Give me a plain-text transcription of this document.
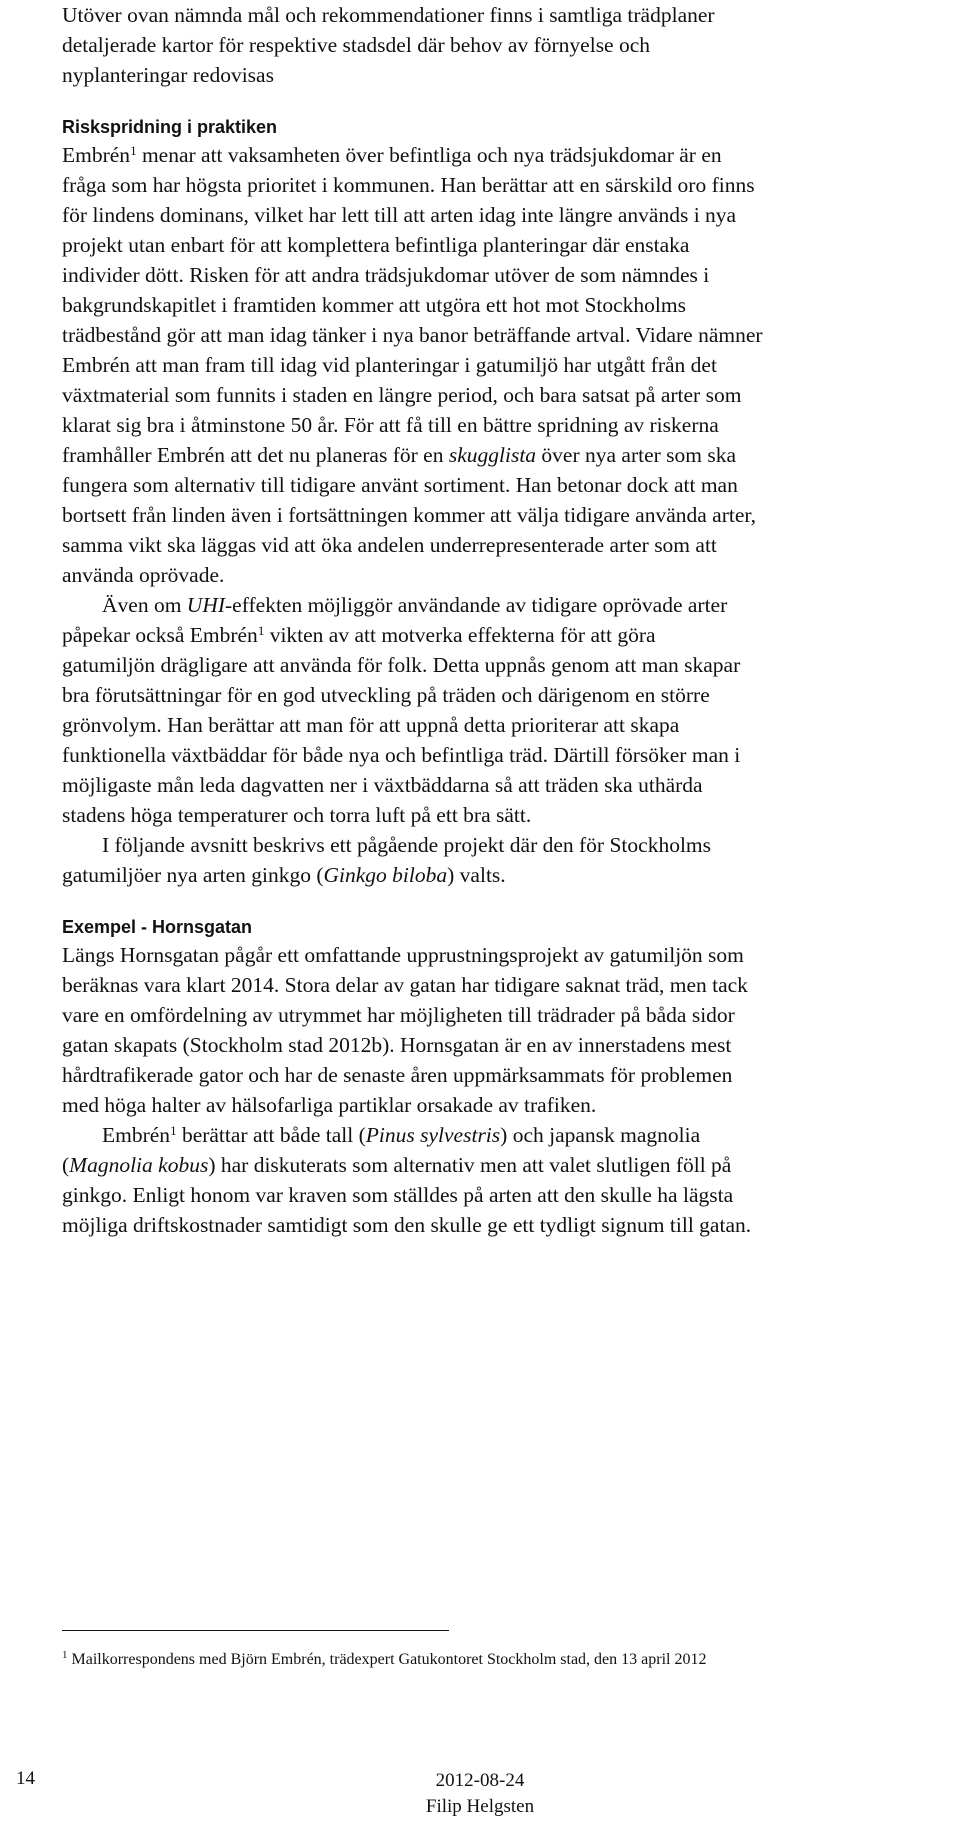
Utöver ovan nämnda mål och rekommendationer finns i samtliga trädplaner
detaljerade kartor för respektive stadsdel där behov av förnyelse och
nyplanteringar redovisas
Riskspridning i praktiken
Embrén$^1$ menar att vaksamheten över befintliga och nya trädsjukdomar är en
fråga som har högsta prioritet i kommunen. Han berättar att en särskild oro finns
för lindens dominans, vilket har lett till att arten idag inte längre används i nya
projekt utan enbart för att komplettera befintliga planteringar där enstaka
individer dött. Risken för att andra trädsjukdomar utöver de som nämndes i
bakgrundskapitlet i framtiden kommer att utgöra ett hot mot Stockholms
trädbestånd gör att man idag tänker i nya banor beträffande artval. Vidare nämner
Embrén att man fram till idag vid planteringar i gatumiljö har utgått från det
växtmaterial som funnits i staden en längre period, och bara satsat på arter som
klarat sig bra i åtminstone 50 år. För att få till en bättre spridning av riskerna
framhåller Embrén att det nu planeras för en skugglista över nya arter som ska
fungera som alternativ till tidigare använt sortiment. Han betonar dock att man
bortsett från linden även i fortsättningen kommer att välja tidigare använda arter,
samma vikt ska läggas vid att öka andelen underrepresenterade arter som att
använda oprövade.
Även om UHI-effekten möjliggör användande av tidigare oprövade arter
påpekar också Embrén$^1$ vikten av att motverka effekterna för att göra
gatumiljön drägligare att använda för folk. Detta uppnås genom att man skapar
bra förutsättningar för en god utveckling på träden och därigenom en större
grönvolym. Han berättar att man för att uppnå detta prioriterar att skapa
funktionella växtbäddar för både nya och befintliga träd. Därtill försöker man i
möjligaste mån leda dagvatten ner i växtbäddarna så att träden ska uthärda
stadens höga temperaturer och torra luft på ett bra sätt.
I följande avsnitt beskrivs ett pågående projekt där den för Stockholms
gatumiljöer nya arten ginkgo (Ginkgo biloba) valts.
Exempel - Hornsgatan
Längs Hornsgatan pågår ett omfattande upprustningsprojekt av gatumiljön som
beräknas vara klart 2014. Stora delar av gatan har tidigare saknat träd, men tack
vare en omfördelning av utrymmet har möjligheten till trädrader på båda sidor
gatan skapats (Stockholm stad 2012b). Hornsgatan är en av innerstadens mest
hårdtrafikerade gator och har de senaste åren uppmärksammats för problemen
med höga halter av hälsofarliga partiklar orsakade av trafiken.
Embrén$^1$ berättar att både tall (Pinus sylvestris) och japansk magnolia
(Magnolia kobus) har diskuterats som alternativ men att valet slutligen föll på
ginkgo. Enligt honom var kraven som ställdes på arten att den skulle ha lägsta
möjliga driftskostnader samtidigt som den skulle ge ett tydligt signum till gatan.
$^1$ Mailkorrespondens med Björn Embrén, trädexpert Gatukontoret Stockholm stad, den 13 april 2012
14	2012-08-24
Filip Helgsten
